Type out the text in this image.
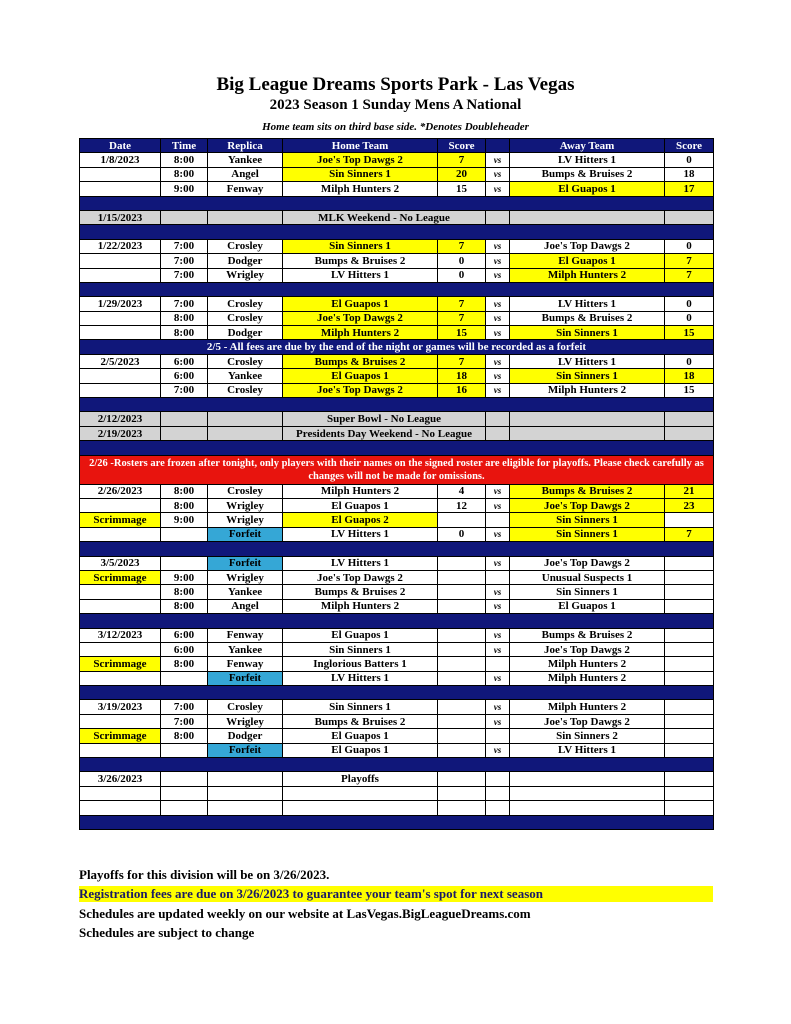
Big League Dreams Sports Park - Las Vegas
2023 Season 1 Sunday Mens A National
Home team sits on third base side. *Denotes Doubleheader
Date	Time	Replica	Home Team	Score		Away Team	Score
1/8/2023	8:00	Yankee	Joe's Top Dawgs 2	7	vs	LV Hitters 1	0
	8:00	Angel	Sin Sinners 1	20	vs	Bumps & Bruises 2	18
	9:00	Fenway	Milph Hunters 2	15	vs	El Guapos 1	17

1/15/2023			MLK Weekend - No League				

1/22/2023	7:00	Crosley	Sin Sinners 1	7	vs	Joe's Top Dawgs 2	0
	7:00	Dodger	Bumps & Bruises 2	0	vs	El Guapos 1	7
	7:00	Wrigley	LV Hitters 1	0	vs	Milph Hunters 2	7

1/29/2023	7:00	Crosley	El Guapos 1	7	vs	LV Hitters 1	0
	8:00	Crosley	Joe's Top Dawgs 2	7	vs	Bumps & Bruises 2	0
	8:00	Dodger	Milph Hunters 2	15	vs	Sin Sinners 1	15
2/5 - All fees are due by the end of the night or games will be recorded as a forfeit							
2/5/2023	6:00	Crosley	Bumps & Bruises 2	7	vs	LV Hitters 1	0
	6:00	Yankee	El Guapos 1	18	vs	Sin Sinners 1	18
	7:00	Crosley	Joe's Top Dawgs 2	16	vs	Milph Hunters 2	15

2/12/2023			Super Bowl - No League				
2/19/2023			Presidents Day Weekend - No League				

2/26 -Rosters are frozen after tonight, only players with their names on the signed roster are eligible for playoffs. Please check carefully as changes will not be made for omissions.							
2/26/2023	8:00	Crosley	Milph Hunters 2	4	vs	Bumps & Bruises 2	21
	8:00	Wrigley	El Guapos 1	12	vs	Joe's Top Dawgs 2	23
Scrimmage	9:00	Wrigley	El Guapos 2			Sin Sinners 1	
		Forfeit	LV Hitters 1	0	vs	Sin Sinners 1	7

3/5/2023		Forfeit	LV Hitters 1		vs	Joe's Top Dawgs 2	
Scrimmage	9:00	Wrigley	Joe's Top Dawgs 2			Unusual Suspects 1	
	8:00	Yankee	Bumps & Bruises 2		vs	Sin Sinners 1	
	8:00	Angel	Milph Hunters 2		vs	El Guapos 1	

3/12/2023	6:00	Fenway	El Guapos 1		vs	Bumps & Bruises 2	
	6:00	Yankee	Sin Sinners 1		vs	Joe's Top Dawgs 2	
Scrimmage	8:00	Fenway	Inglorious Batters 1			Milph Hunters 2	
		Forfeit	LV Hitters 1		vs	Milph Hunters 2	

3/19/2023	7:00	Crosley	Sin Sinners 1		vs	Milph Hunters 2	
	7:00	Wrigley	Bumps & Bruises 2		vs	Joe's Top Dawgs 2	
Scrimmage	8:00	Dodger	El Guapos 1			Sin Sinners 2	
		Forfeit	El Guapos 1		vs	LV Hitters 1	

3/26/2023			Playoffs				

Playoffs for this division will be on 3/26/2023.
Registration fees are due on 3/26/2023 to guarantee your team's spot for next season
Schedules are updated weekly on our website at LasVegas.BigLeagueDreams.com
Schedules are subject to change
